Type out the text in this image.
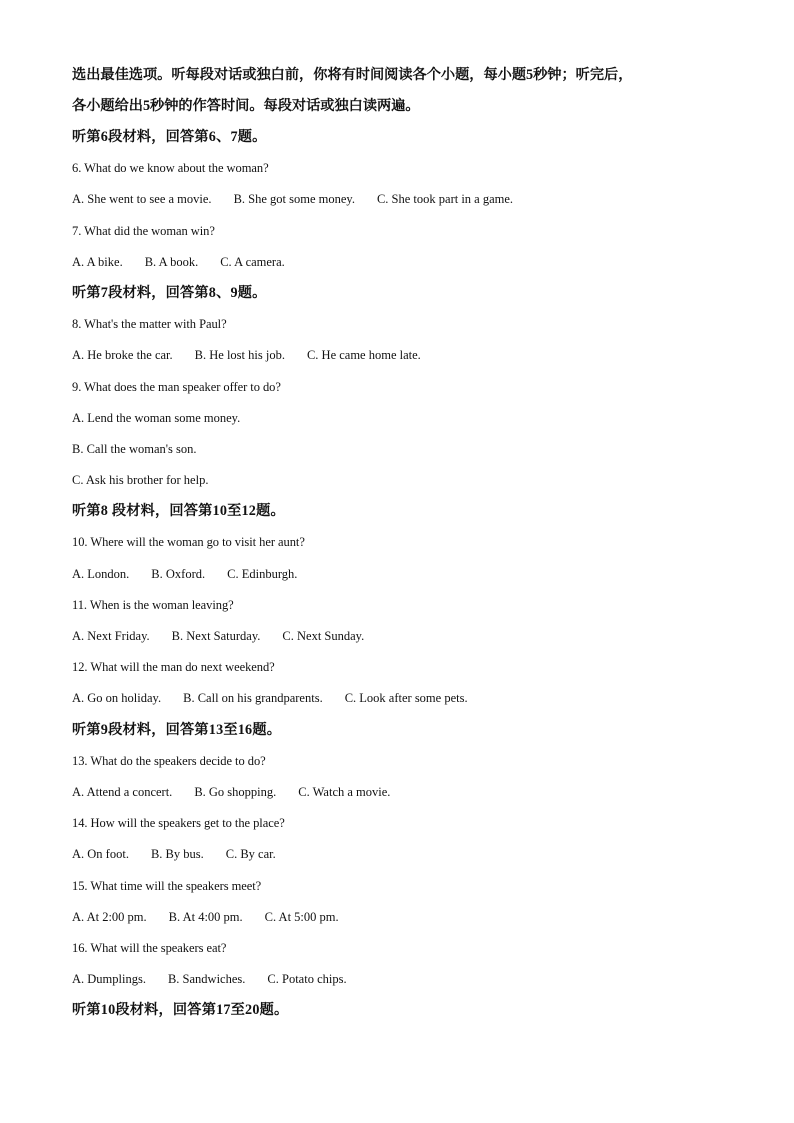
选出最佳选项。听每段对话或独白前，你将有时间阅读各个小题，每小题5秒钟；听完后，

各小题给出5秒钟的作答时间。每段对话或独白读两遍。

听第6段材料，回答第6、7题。

6. What do we know about the woman?

A. She went to see a movie. B. She got some money. C. She took part in a game.

7. What did the woman win?

A. A bike. B. A book. C. A camera.

听第7段材料，回答第8、9题。

8. What's the matter with Paul?

A. He broke the car. B. He lost his job. C. He came home late.

9. What does the man speaker offer to do?

A. Lend the woman some money.

B. Call the woman's son.

C. Ask his brother for help.

听第8 段材料，回答第10至12题。

10. Where will the woman go to visit her aunt?

A. London. B. Oxford. C. Edinburgh.

11. When is the woman leaving?

A. Next Friday. B. Next Saturday. C. Next Sunday.

12. What will the man do next weekend?

A. Go on holiday. B. Call on his grandparents. C. Look after some pets.

听第9段材料，回答第13至16题。

13. What do the speakers decide to do?

A. Attend a concert. B. Go shopping. C. Watch a movie.

14. How will the speakers get to the place?

A. On foot. B. By bus. C. By car.

15. What time will the speakers meet?

A. At 2:00 pm. B. At 4:00 pm. C. At 5:00 pm.

16. What will the speakers eat?

A. Dumplings. B. Sandwiches. C. Potato chips.

听第10段材料，回答第17至20题。
